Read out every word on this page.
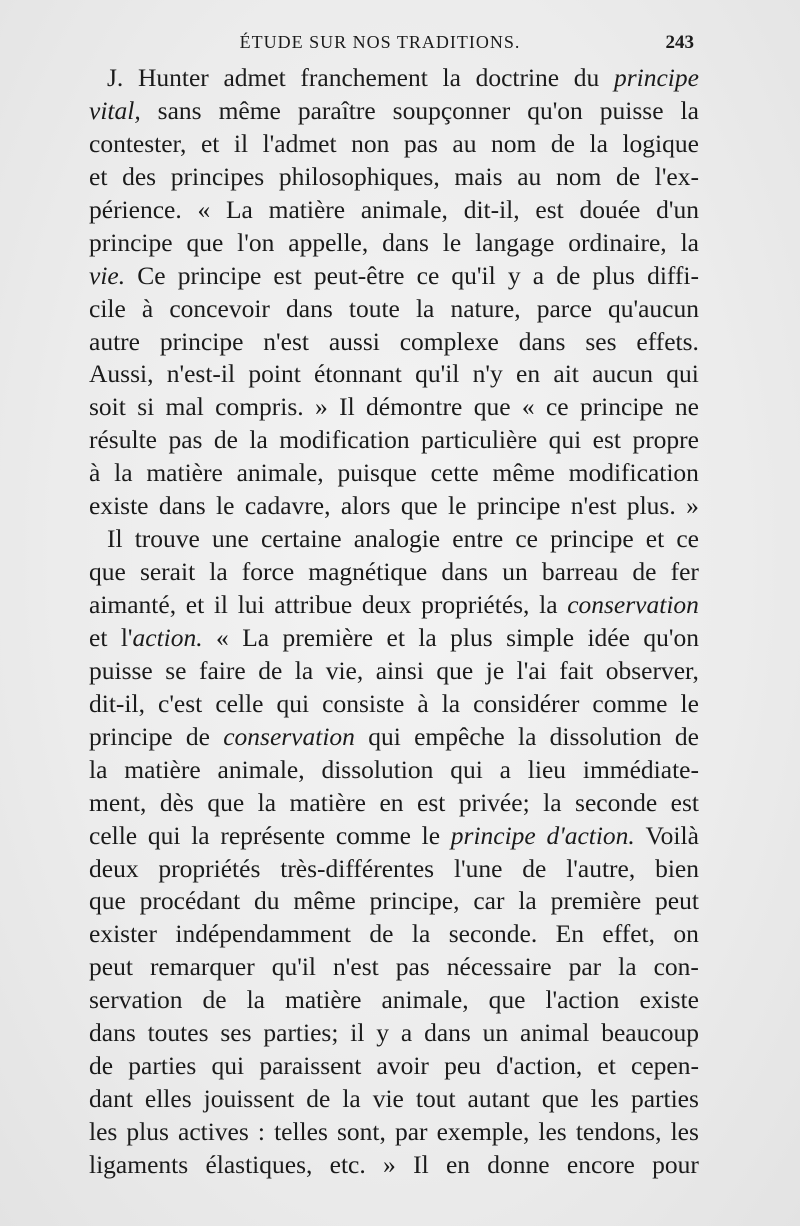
ÉTUDE SUR NOS TRADITIONS.	243
J. Hunter admet franchement la doctrine du principe
vital, sans même paraître soupçonner qu'on puisse la
contester, et il l'admet non pas au nom de la logique
et des principes philosophiques, mais au nom de l'ex-
périence. « La matière animale, dit-il, est douée d'un
principe que l'on appelle, dans le langage ordinaire, la
vie. Ce principe est peut-être ce qu'il y a de plus diffi-
cile à concevoir dans toute la nature, parce qu'aucun
autre principe n'est aussi complexe dans ses effets.
Aussi, n'est-il point étonnant qu'il n'y en ait aucun qui
soit si mal compris. » Il démontre que « ce principe ne
résulte pas de la modification particulière qui est propre
à la matière animale, puisque cette même modification
existe dans le cadavre, alors que le principe n'est plus. »
Il trouve une certaine analogie entre ce principe et ce
que serait la force magnétique dans un barreau de fer
aimanté, et il lui attribue deux propriétés, la conservation
et l'action. « La première et la plus simple idée qu'on
puisse se faire de la vie, ainsi que je l'ai fait observer,
dit-il, c'est celle qui consiste à la considérer comme le
principe de conservation qui empêche la dissolution de
la matière animale, dissolution qui a lieu immédiate-
ment, dès que la matière en est privée; la seconde est
celle qui la représente comme le principe d'action. Voilà
deux propriétés très-différentes l'une de l'autre, bien
que procédant du même principe, car la première peut
exister indépendamment de la seconde. En effet, on
peut remarquer qu'il n'est pas nécessaire par la con-
servation de la matière animale, que l'action existe
dans toutes ses parties; il y a dans un animal beaucoup
de parties qui paraissent avoir peu d'action, et cepen-
dant elles jouissent de la vie tout autant que les parties
les plus actives : telles sont, par exemple, les tendons, les
ligaments élastiques, etc. » Il en donne encore pour
